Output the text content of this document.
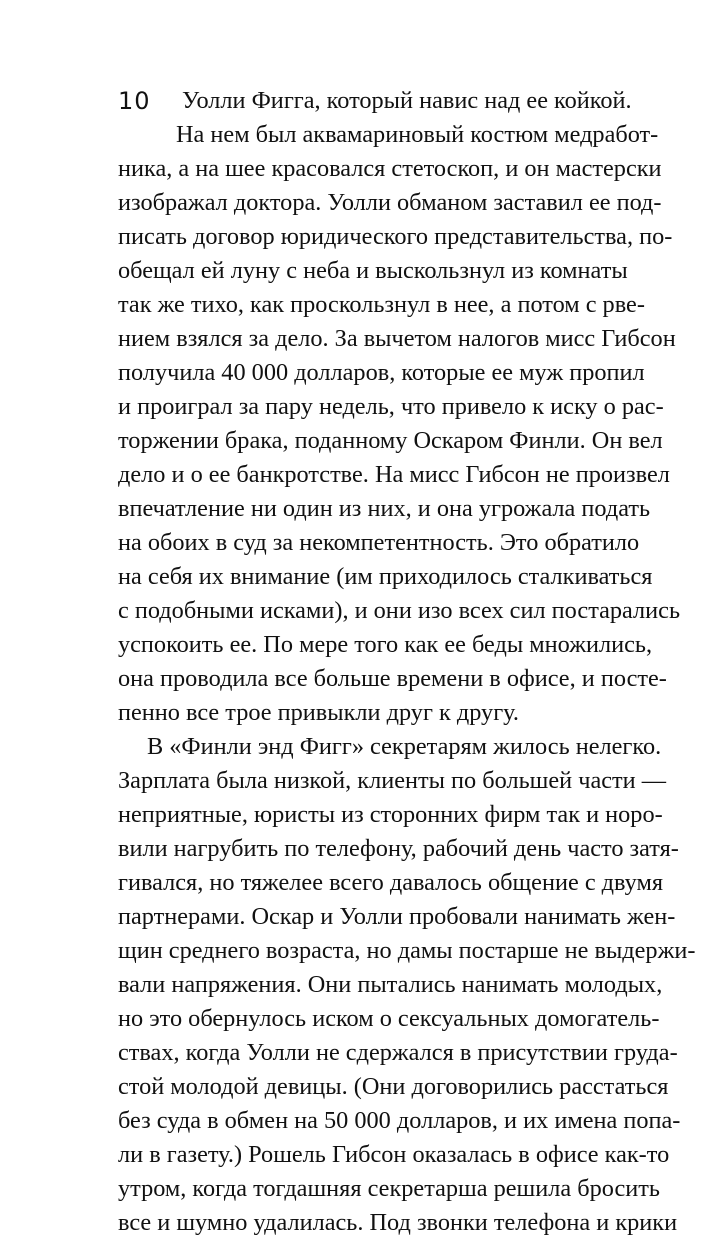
10	Уолли Фигга, который навис над ее койкой.
На нем был аквамариновый костюм медработ-
ника, а на шее красовался стетоскоп, и он мастерски
изображал доктора. Уолли обманом заставил ее под-
писать договор юридического представительства, по-
обещал ей луну с неба и выскользнул из комнаты
так же тихо, как проскользнул в нее, а потом с рве-
нием взялся за дело. За вычетом налогов мисс Гибсон
получила 40 000 долларов, которые ее муж пропил
и проиграл за пару недель, что привело к иску о рас-
торжении брака, поданному Оскаром Финли. Он вел
дело и о ее банкротстве. На мисс Гибсон не произвел
впечатление ни один из них, и она угрожала подать
на обоих в суд за некомпетентность. Это обратило
на себя их внимание (им приходилось сталкиваться
с подобными исками), и они изо всех сил постарались
успокоить ее. По мере того как ее беды множились,
она проводила все больше времени в офисе, и посте-
пенно все трое привыкли друг к другу.
В «Финли энд Фигг» секретарям жилось нелегко.
Зарплата была низкой, клиенты по большей части —
неприятные, юристы из сторонних фирм так и норо-
вили нагрубить по телефону, рабочий день часто затя-
гивался, но тяжелее всего давалось общение с двумя
партнерами. Оскар и Уолли пробовали нанимать жен-
щин среднего возраста, но дамы постарше не выдержи-
вали напряжения. Они пытались нанимать молодых,
но это обернулось иском о сексуальных домогатель-
ствах, когда Уолли не сдержался в присутствии груда-
стой молодой девицы. (Они договорились расстаться
без суда в обмен на 50 000 долларов, и их имена попа-
ли в газету.) Рошель Гибсон оказалась в офисе как-то
утром, когда тогдашняя секретарша решила бросить
все и шумно удалилась. Под звонки телефона и крики
